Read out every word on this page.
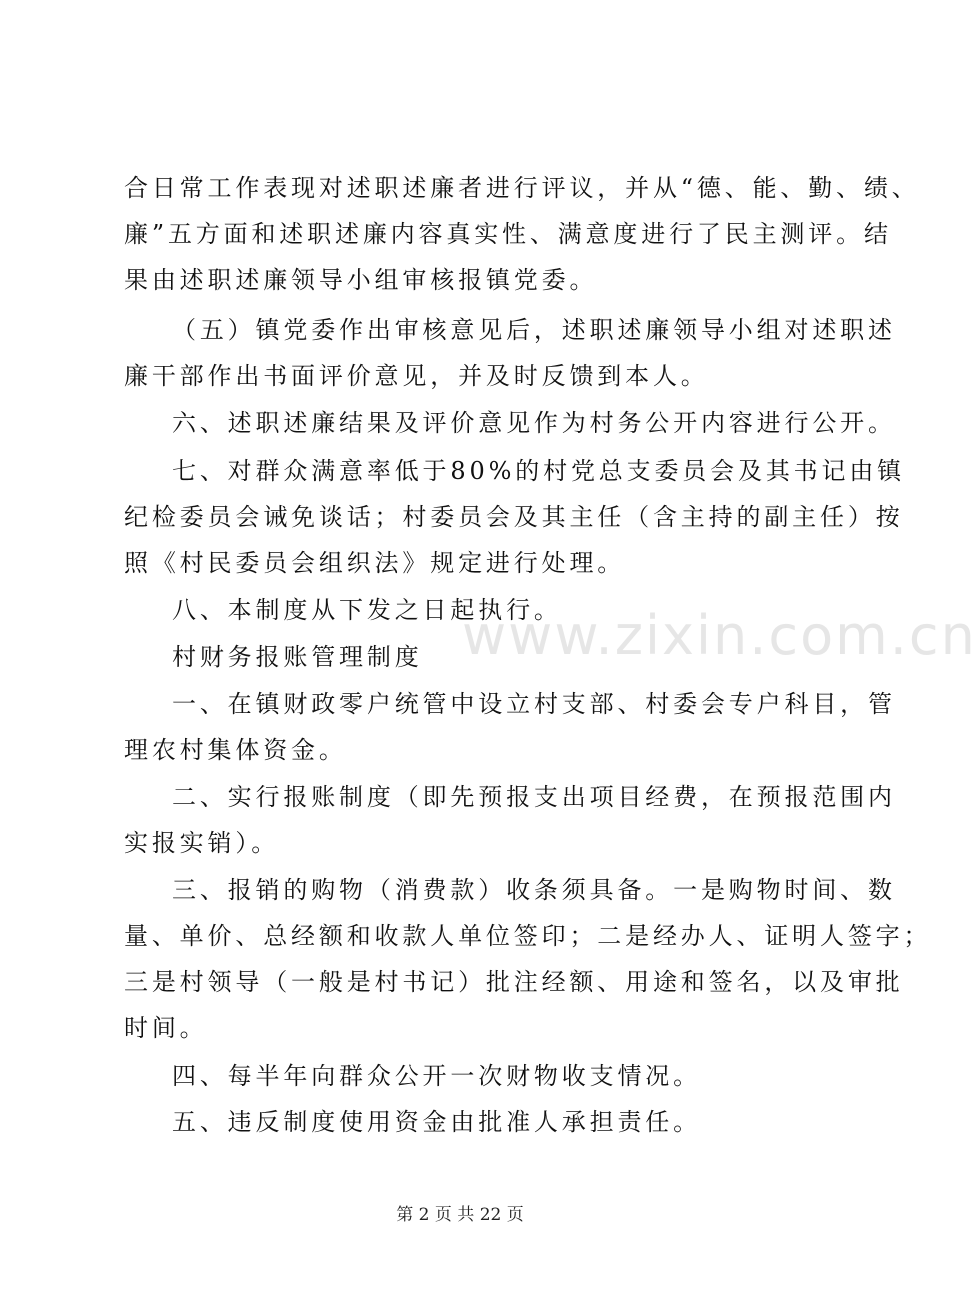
www.zixin.com.cn
合日常工作表现对述职述廉者进行评议，并从“德、能、勤、绩、
廉”五方面和述职述廉内容真实性、满意度进行了民主测评。结
果由述职述廉领导小组审核报镇党委。
（五）镇党委作出审核意见后，述职述廉领导小组对述职述
廉干部作出书面评价意见，并及时反馈到本人。
六、述职述廉结果及评价意见作为村务公开内容进行公开。
七、对群众满意率低于80%的村党总支委员会及其书记由镇
纪检委员会诫免谈话；村委员会及其主任（含主持的副主任）按
照《村民委员会组织法》规定进行处理。
八、本制度从下发之日起执行。
村财务报账管理制度
一、在镇财政零户统管中设立村支部、村委会专户科目，管
理农村集体资金。
二、实行报账制度（即先预报支出项目经费，在预报范围内
实报实销）。
三、报销的购物（消费款）收条须具备。一是购物时间、数
量、单价、总经额和收款人单位签印；二是经办人、证明人签字；
三是村领导（一般是村书记）批注经额、用途和签名，以及审批
时间。
四、每半年向群众公开一次财物收支情况。
五、违反制度使用资金由批准人承担责任。
第 2 页 共 22 页
